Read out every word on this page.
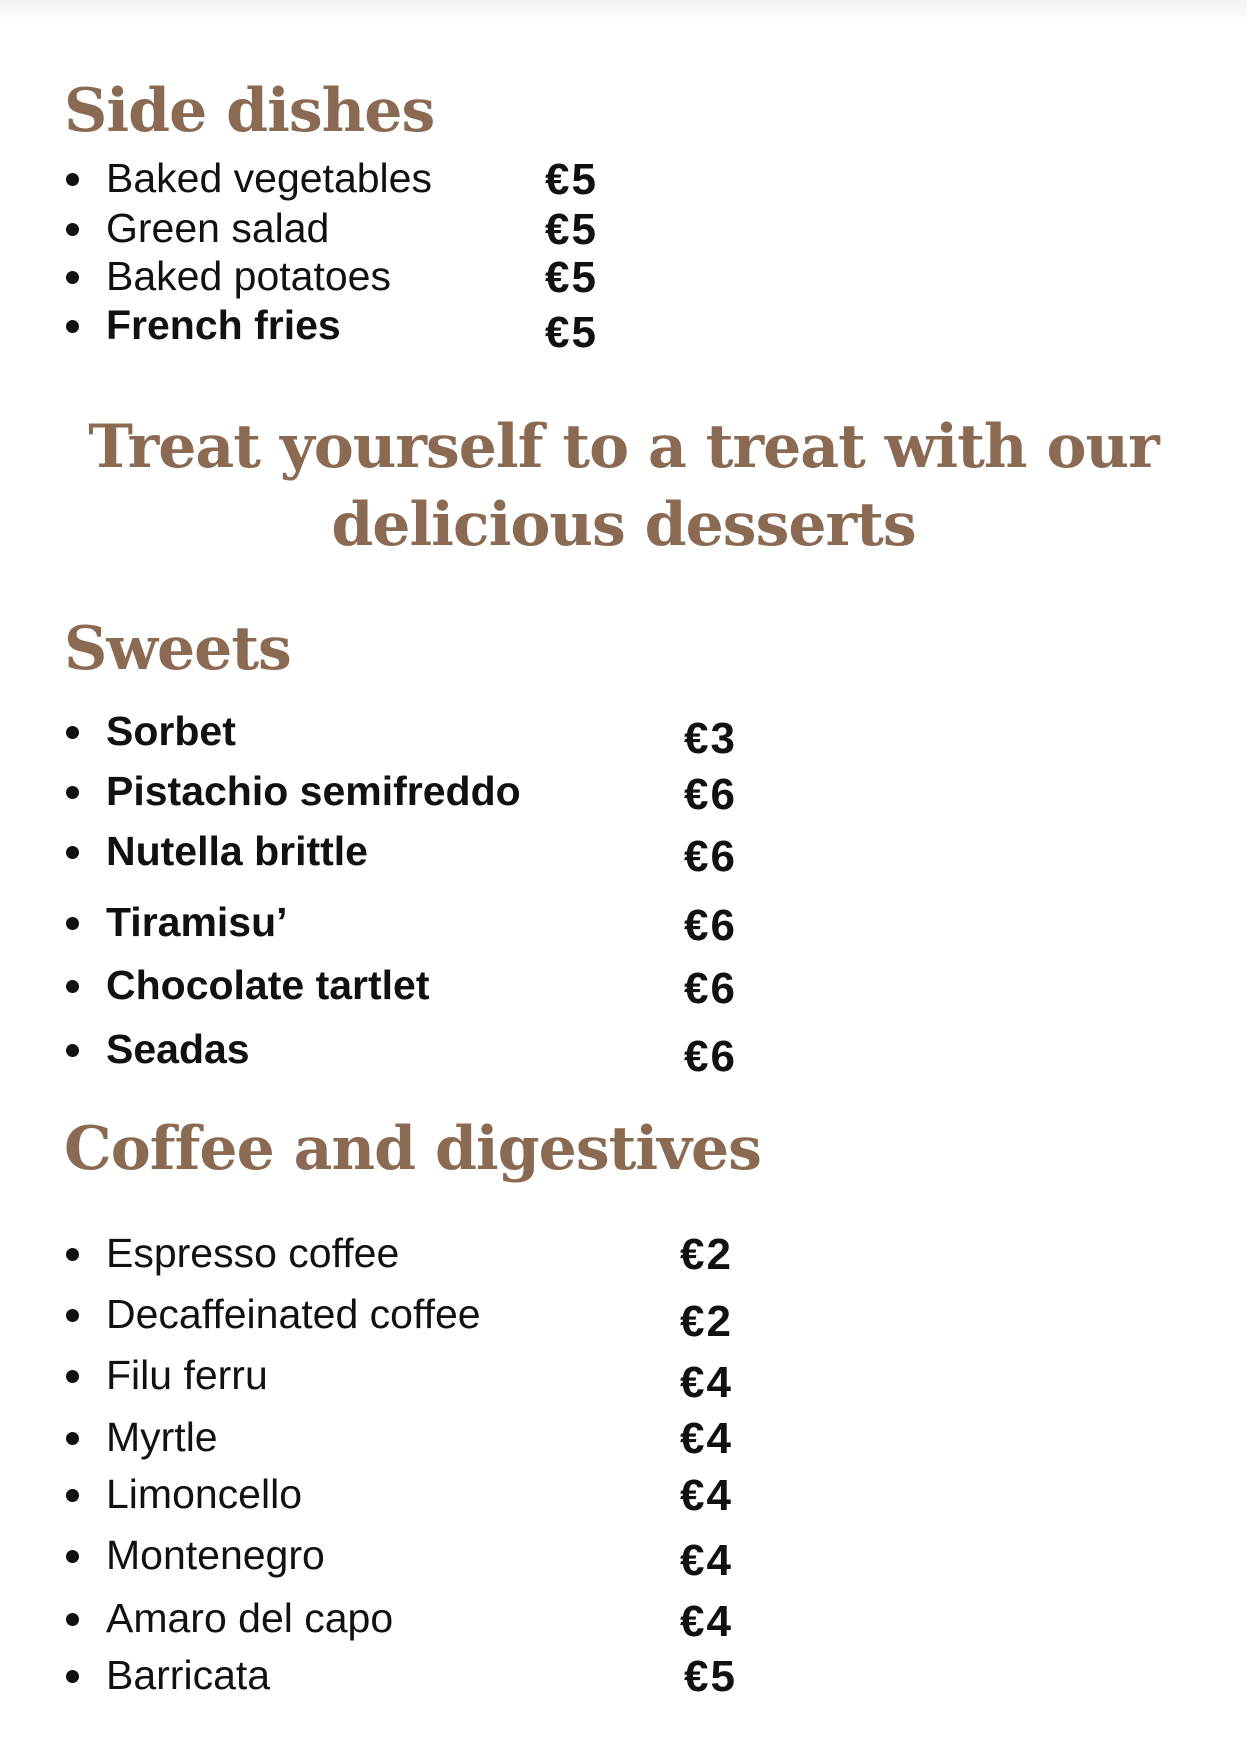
Side dishes
Baked vegetables	€5
Green salad	€5
Baked potatoes	€5
French fries	€5
Treat yourself to a treat with our delicious desserts
Sweets
Sorbet	€3
Pistachio semifreddo	€6
Nutella brittle	€6
Tiramisu’	€6
Chocolate tartlet	€6
Seadas	€6
Coffee and digestives
Espresso coffee	€2
Decaffeinated coffee	€2
Filu ferru	€4
Myrtle	€4
Limoncello	€4
Montenegro	€4
Amaro del capo	€4
Barricata	€5
